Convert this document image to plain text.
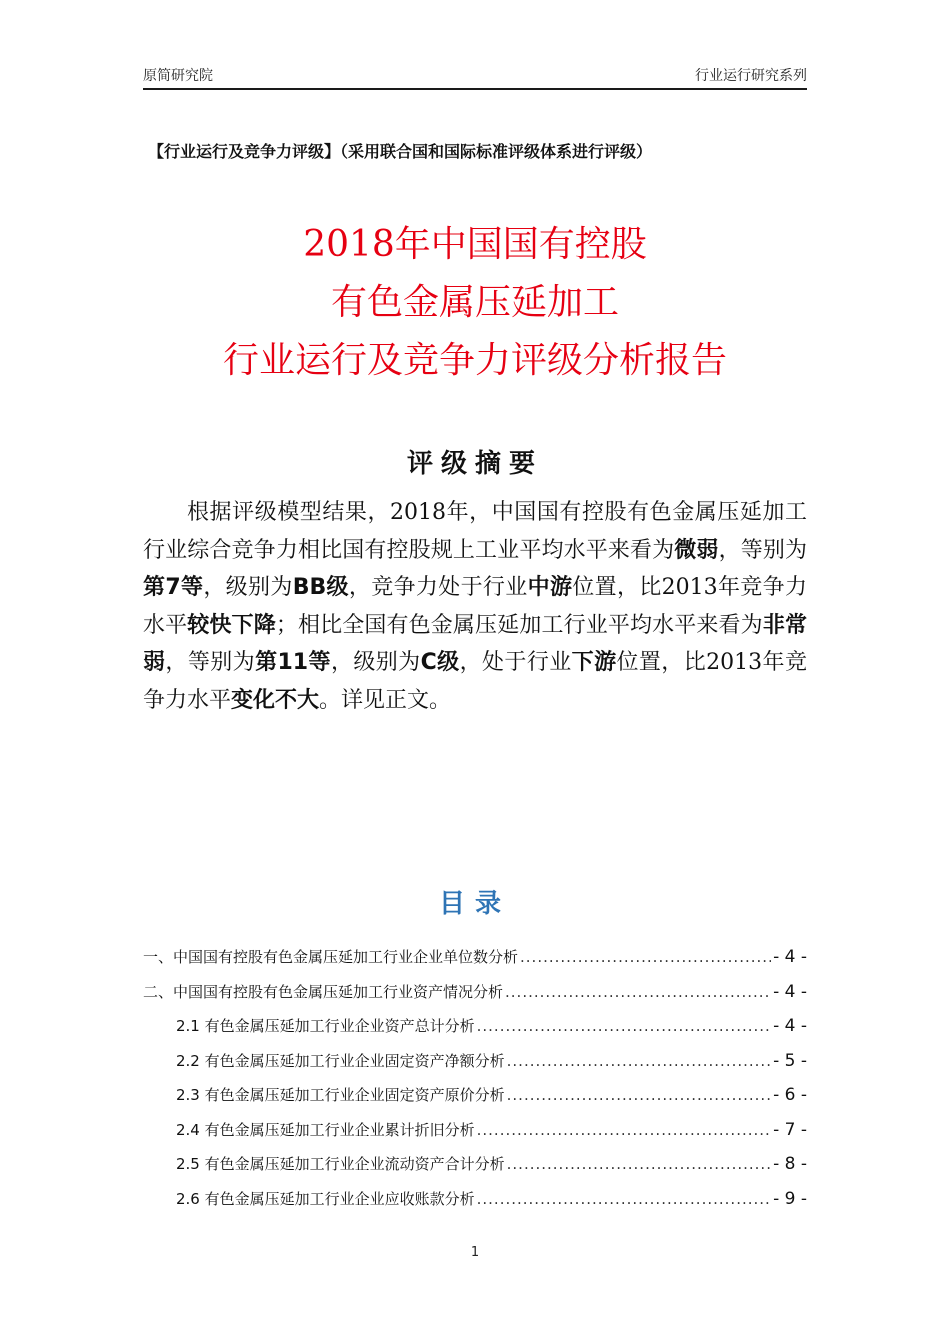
原简研究院	行业运行研究系列
【行业运行及竞争力评级】（采用联合国和国际标准评级体系进行评级）
2018年中国国有控股
有色金属压延加工
行业运行及竞争力评级分析报告
评级摘要
根据评级模型结果，2018年，中国国有控股有色金属压延加工行业综合竞争力相比国有控股规上工业平均水平来看为微弱，等别为第7等，级别为BB级，竞争力处于行业中游位置，比2013年竞争力水平较快下降；相比全国有色金属压延加工行业平均水平来看为非常弱，等别为第11等，级别为C级，处于行业下游位置，比2013年竞争力水平变化不大。详见正文。
目录
一、中国国有控股有色金属压延加工行业企业单位数分析 .....	- 4 -
二、中国国有控股有色金属压延加工行业资产情况分析 .....	- 4 -
2.1 有色金属压延加工行业企业资产总计分析 .....	- 4 -
2.2 有色金属压延加工行业企业固定资产净额分析 .....	- 5 -
2.3 有色金属压延加工行业企业固定资产原价分析 .....	- 6 -
2.4 有色金属压延加工行业企业累计折旧分析 .....	- 7 -
2.5 有色金属压延加工行业企业流动资产合计分析 .....	- 8 -
2.6 有色金属压延加工行业企业应收账款分析 .....	- 9 -
1
